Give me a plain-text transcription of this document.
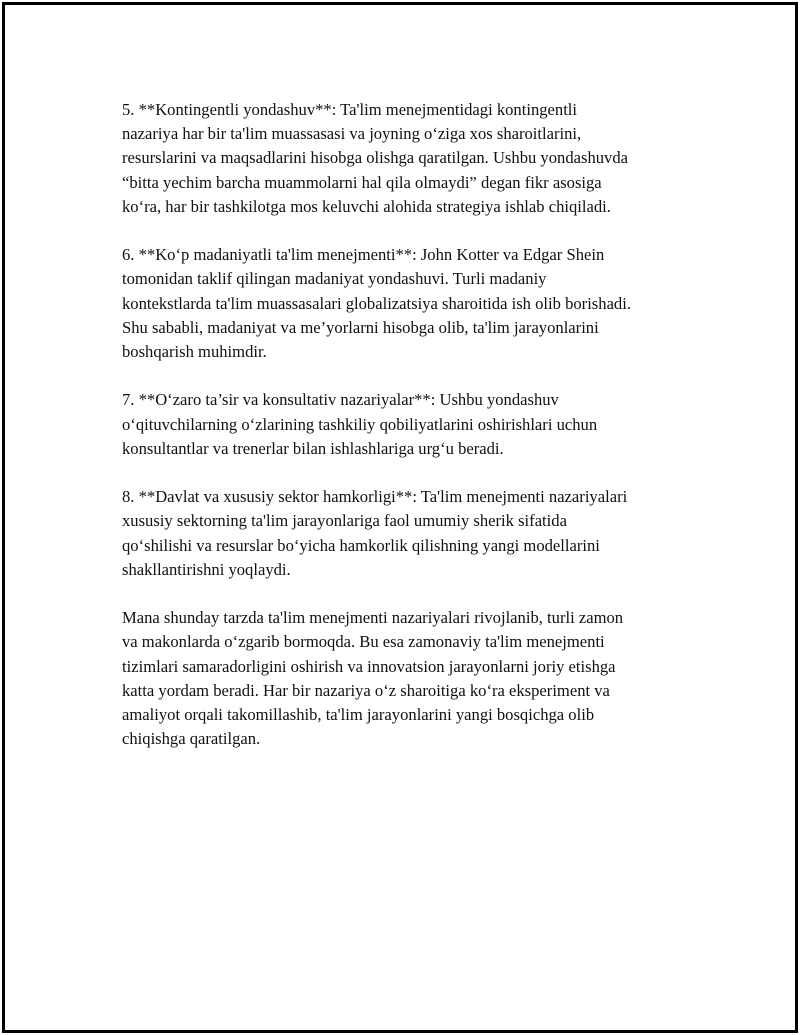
5. **Kontingentli yondashuv**: Ta'lim menejmentidagi kontingentli
nazariya har bir ta'lim muassasasi va joyning o‘ziga xos sharoitlarini,
resurslarini va maqsadlarini hisobga olishga qaratilgan. Ushbu yondashuvda
“bitta yechim barcha muammolarni hal qila olmaydi” degan fikr asosiga
ko‘ra, har bir tashkilotga mos keluvchi alohida strategiya ishlab chiqiladi.

6. **Ko‘p madaniyatli ta'lim menejmenti**: John Kotter va Edgar Shein
tomonidan taklif qilingan madaniyat yondashuvi. Turli madaniy
kontekstlarda ta'lim muassasalari globalizatsiya sharoitida ish olib borishadi.
Shu sababli, madaniyat va me’yorlarni hisobga olib, ta'lim jarayonlarini
boshqarish muhimdir.

7. **O‘zaro ta’sir va konsultativ nazariyalar**: Ushbu yondashuv
o‘qituvchilarning o‘zlarining tashkiliy qobiliyatlarini oshirishlari uchun
konsultantlar va trenerlar bilan ishlashlariga urg‘u beradi.

8. **Davlat va xususiy sektor hamkorligi**: Ta'lim menejmenti nazariyalari
xususiy sektorning ta'lim jarayonlariga faol umumiy sherik sifatida
qo‘shilishi va resurslar bo‘yicha hamkorlik qilishning yangi modellarini
shakllantirishni yoqlaydi.

Mana shunday tarzda ta'lim menejmenti nazariyalari rivojlanib, turli zamon
va makonlarda o‘zgarib bormoqda. Bu esa zamonaviy ta'lim menejmenti
tizimlari samaradorligini oshirish va innovatsion jarayonlarni joriy etishga
katta yordam beradi. Har bir nazariya o‘z sharoitiga ko‘ra eksperiment va
amaliyot orqali takomillashib, ta'lim jarayonlarini yangi bosqichga olib
chiqishga qaratilgan.
